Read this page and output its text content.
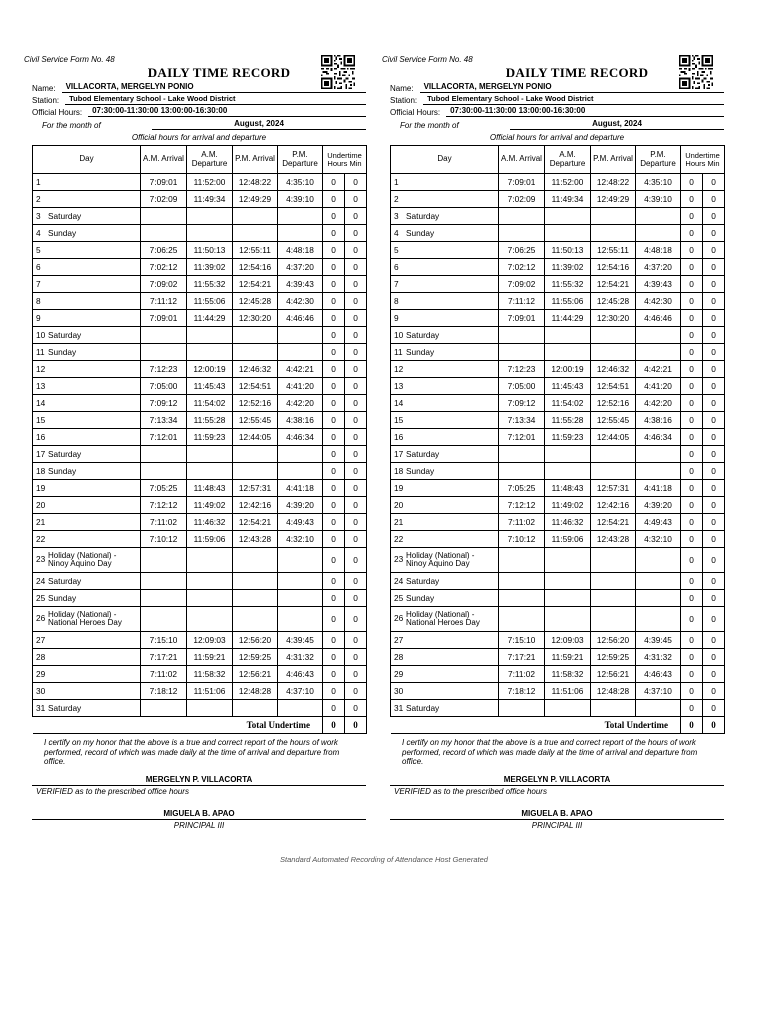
Civil Service Form No. 48
DAILY TIME RECORD
Name:	VILLACORTA, MERGELYN PONIO
Station:	Tubod Elementary School - Lake Wood District
Official Hours:	07:30:00-11:30:00 13:00:00-16:30:00
For the month of	August, 2024
Official hours for arrival and departure
Day	A.M. Arrival	A.M. Departure	P.M. Arrival	P.M. Departure	Undertime Hours Min	
1	7:09:01	11:52:00	12:48:22	4:35:10	0	0
2	7:02:09	11:49:34	12:49:29	4:39:10	0	0
3 Saturday					0	0
4 Sunday					0	0
5	7:06:25	11:50:13	12:55:11	4:48:18	0	0
6	7:02:12	11:39:02	12:54:16	4:37:20	0	0
7	7:09:02	11:55:32	12:54:21	4:39:43	0	0
8	7:11:12	11:55:06	12:45:28	4:42:30	0	0
9	7:09:01	11:44:29	12:30:20	4:46:46	0	0
10 Saturday					0	0
11 Sunday					0	0
12	7:12:23	12:00:19	12:46:32	4:42:21	0	0
13	7:05:00	11:45:43	12:54:51	4:41:20	0	0
14	7:09:12	11:54:02	12:52:16	4:42:20	0	0
15	7:13:34	11:55:28	12:55:45	4:38:16	0	0
16	7:12:01	11:59:23	12:44:05	4:46:34	0	0
17 Saturday					0	0
18 Sunday					0	0
19	7:05:25	11:48:43	12:57:31	4:41:18	0	0
20	7:12:12	11:49:02	12:42:16	4:39:20	0	0
21	7:11:02	11:46:32	12:54:21	4:49:43	0	0
22	7:10:12	11:59:06	12:43:28	4:32:10	0	0
23 Holiday (National) -
Ninoy Aquino Day					0	0
24 Saturday					0	0
25 Sunday					0	0
26 Holiday (National) -
National Heroes Day					0	0
27	7:15:10	12:09:03	12:56:20	4:39:45	0	0
28	7:17:21	11:59:21	12:59:25	4:31:32	0	0
29	7:11:02	11:58:32	12:56:21	4:46:43	0	0
30	7:18:12	11:51:06	12:48:28	4:37:10	0	0
31 Saturday					0	0
Total Undertime					0	0
I certify on my honor that the above is a true and correct report of the hours of work performed, record of which was made daily at the time of arrival and departure from office.
MERGELYN P. VILLACORTA
VERIFIED as to the prescribed office hours
MIGUELA B. APAO
PRINCIPAL III
Civil Service Form No. 48
DAILY TIME RECORD
Name:	VILLACORTA, MERGELYN PONIO
Station:	Tubod Elementary School - Lake Wood District
Official Hours:	07:30:00-11:30:00 13:00:00-16:30:00
For the month of	August, 2024
Official hours for arrival and departure
Day	A.M. Arrival	A.M. Departure	P.M. Arrival	P.M. Departure	Undertime Hours Min	
1	7:09:01	11:52:00	12:48:22	4:35:10	0	0
2	7:02:09	11:49:34	12:49:29	4:39:10	0	0
3 Saturday					0	0
4 Sunday					0	0
5	7:06:25	11:50:13	12:55:11	4:48:18	0	0
6	7:02:12	11:39:02	12:54:16	4:37:20	0	0
7	7:09:02	11:55:32	12:54:21	4:39:43	0	0
8	7:11:12	11:55:06	12:45:28	4:42:30	0	0
9	7:09:01	11:44:29	12:30:20	4:46:46	0	0
10 Saturday					0	0
11 Sunday					0	0
12	7:12:23	12:00:19	12:46:32	4:42:21	0	0
13	7:05:00	11:45:43	12:54:51	4:41:20	0	0
14	7:09:12	11:54:02	12:52:16	4:42:20	0	0
15	7:13:34	11:55:28	12:55:45	4:38:16	0	0
16	7:12:01	11:59:23	12:44:05	4:46:34	0	0
17 Saturday					0	0
18 Sunday					0	0
19	7:05:25	11:48:43	12:57:31	4:41:18	0	0
20	7:12:12	11:49:02	12:42:16	4:39:20	0	0
21	7:11:02	11:46:32	12:54:21	4:49:43	0	0
22	7:10:12	11:59:06	12:43:28	4:32:10	0	0
23 Holiday (National) -
Ninoy Aquino Day					0	0
24 Saturday					0	0
25 Sunday					0	0
26 Holiday (National) -
National Heroes Day					0	0
27	7:15:10	12:09:03	12:56:20	4:39:45	0	0
28	7:17:21	11:59:21	12:59:25	4:31:32	0	0
29	7:11:02	11:58:32	12:56:21	4:46:43	0	0
30	7:18:12	11:51:06	12:48:28	4:37:10	0	0
31 Saturday					0	0
Total Undertime					0	0
I certify on my honor that the above is a true and correct report of the hours of work performed, record of which was made daily at the time of arrival and departure from office.
MERGELYN P. VILLACORTA
VERIFIED as to the prescribed office hours
MIGUELA B. APAO
PRINCIPAL III
Standard Automated Recording of Attendance Host Generated
